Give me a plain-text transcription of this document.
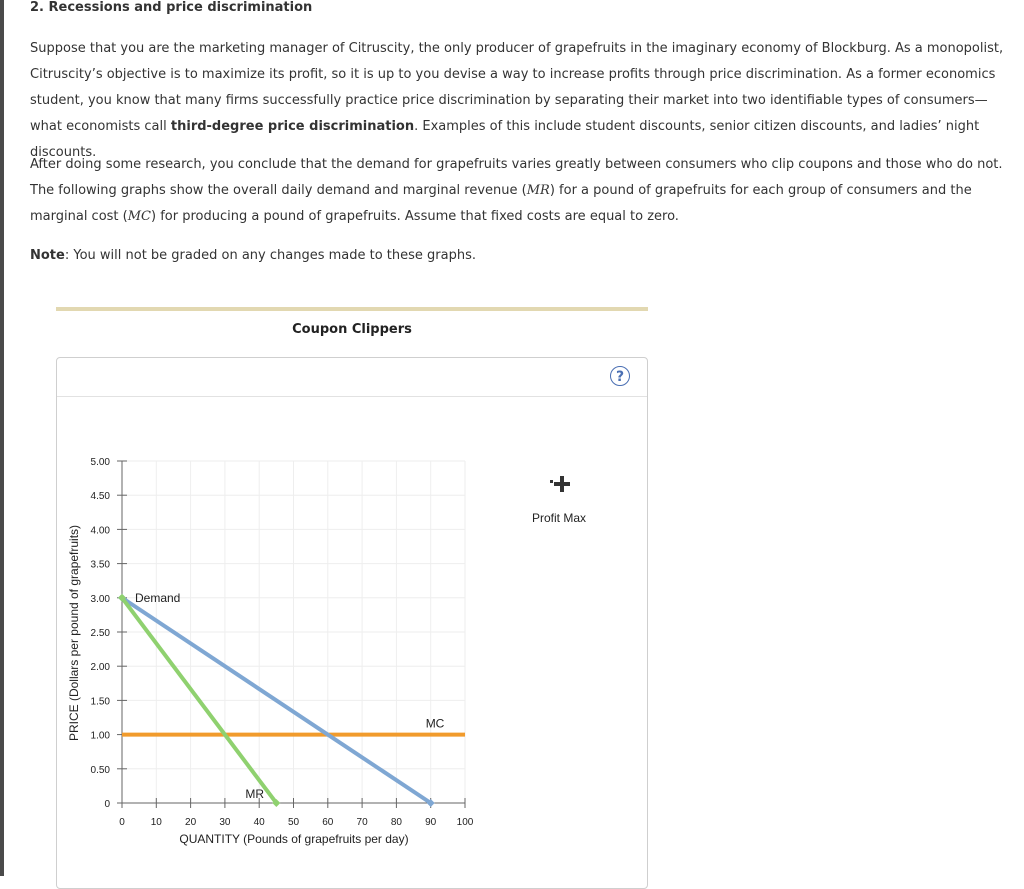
2. Recessions and price discrimination
Suppose that you are the marketing manager of Citruscity, the only producer of grapefruits in the imaginary economy of Blockburg. As a monopolist, Citruscity’s objective is to maximize its profit, so it is up to you devise a way to increase profits through price discrimination. As a former economics student, you know that many firms successfully practice price discrimination by separating their market into two identifiable types of consumers—what economists call third-degree price discrimination. Examples of this include student discounts, senior citizen discounts, and ladies’ night discounts.
After doing some research, you conclude that the demand for grapefruits varies greatly between consumers who clip coupons and those who do not. The following graphs show the overall daily demand and marginal revenue (MR) for a pound of grapefruits for each group of consumers and the marginal cost (MC) for producing a pound of grapefruits. Assume that fixed costs are equal to zero.
Note: You will not be graded on any changes made to these graphs.
Coupon Clippers
?
0
0.50
1.00
1.50
2.00
2.50
3.00
3.50
4.00
4.50
5.00
0	10 20 30 40 50 60 70 80 90 100
Demand
MR
MC
PRICE (Dollars per pound of grapefruits)
QUANTITY (Pounds of grapefruits per day)
Profit Max
